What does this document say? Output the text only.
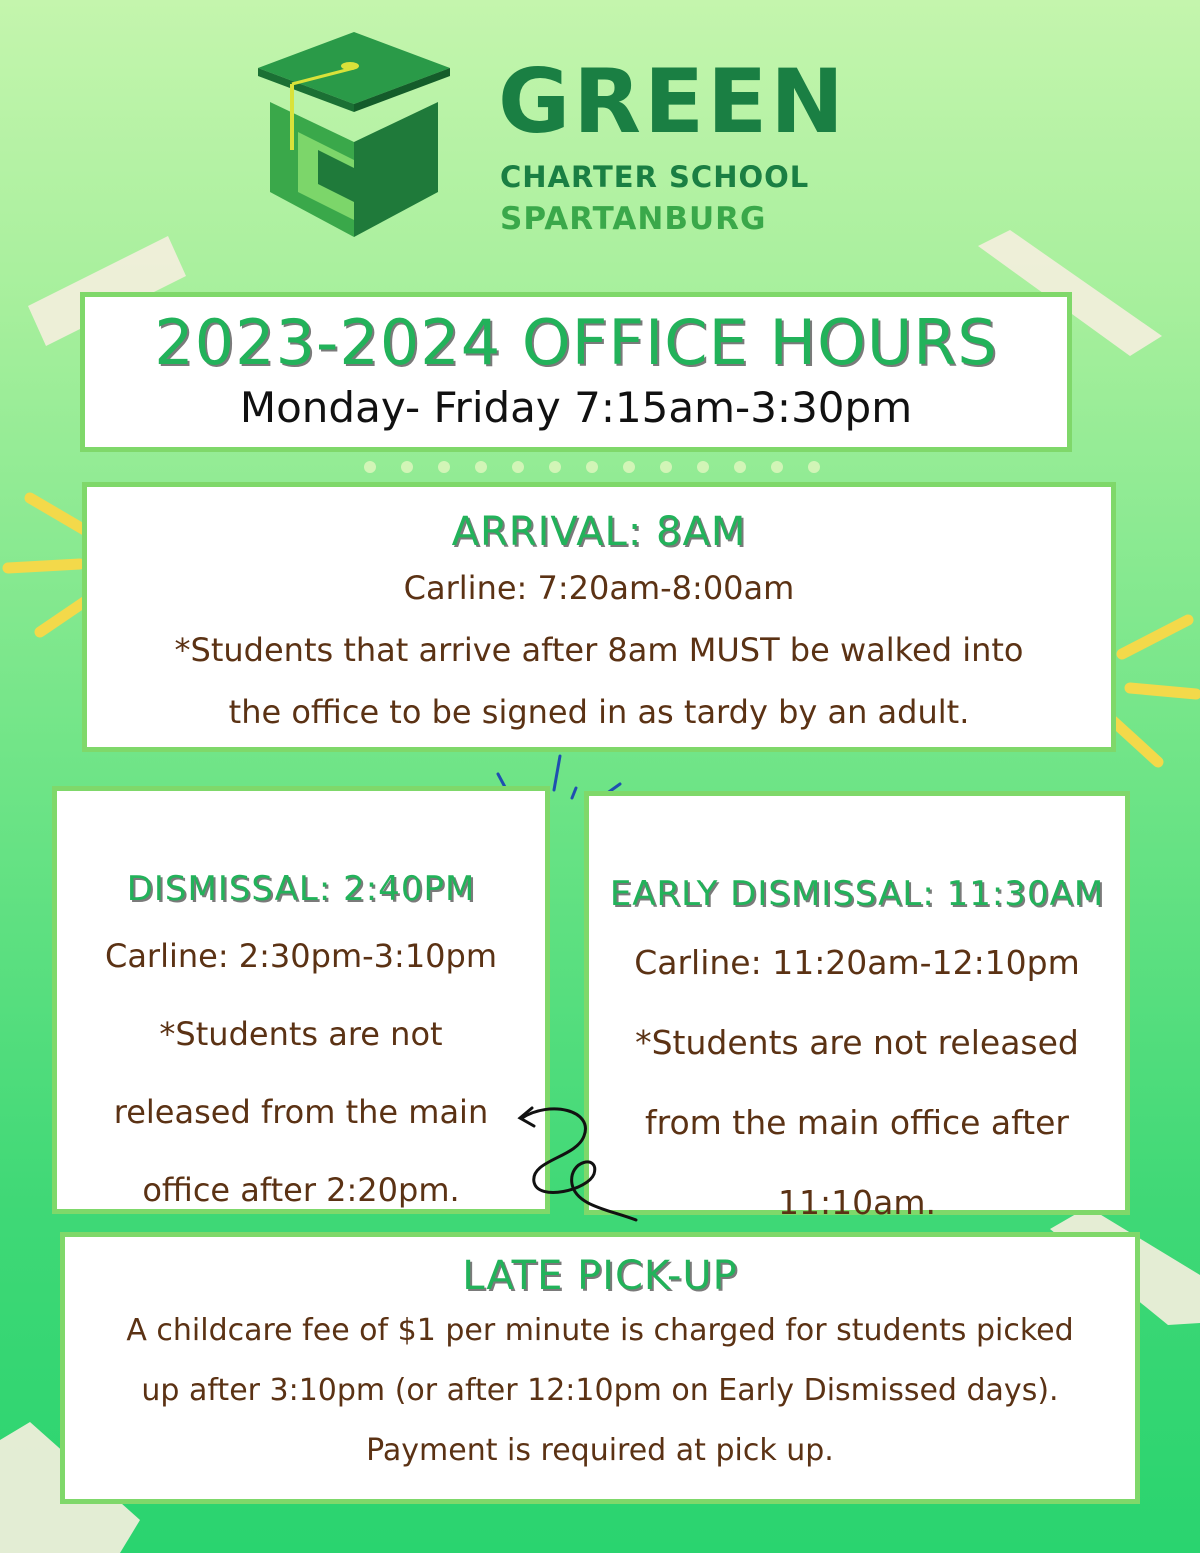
GREEN
CHARTER SCHOOL
SPARTANBURG
2023-2024 OFFICE HOURS
Monday- Friday 7:15am-3:30pm
ARRIVAL: 8AM
Carline: 7:20am-8:00am
*Students that arrive after 8am MUST be walked into
the office to be signed in as tardy by an adult.
DISMISSAL: 2:40PM
Carline: 2:30pm-3:10pm
*Students are not
released from the main
office after 2:20pm.
EARLY DISMISSAL: 11:30AM
Carline: 11:20am-12:10pm
*Students are not released
from the main office after
11:10am.
LATE PICK-UP
A childcare fee of $1 per minute is charged for students picked
up after 3:10pm (or after 12:10pm on Early Dismissed days).
Payment is required at pick up.
